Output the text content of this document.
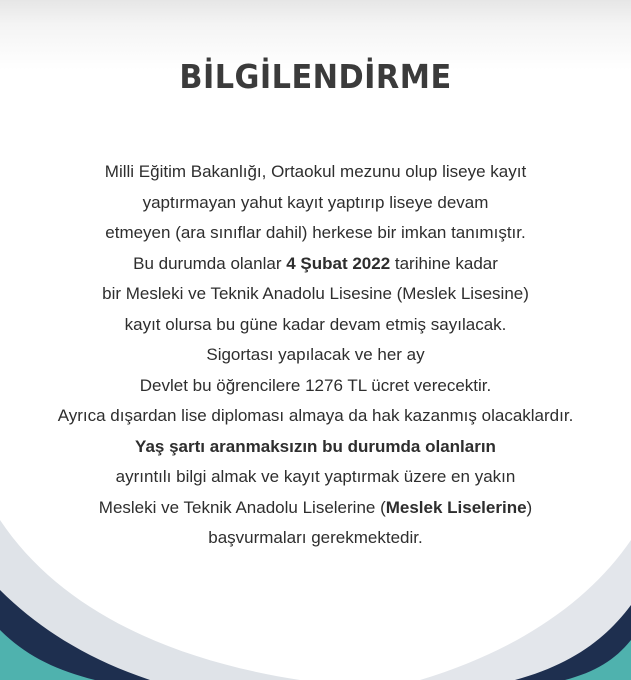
BİLGİLENDİRME
Milli Eğitim Bakanlığı, Ortaokul mezunu olup liseye kayıt
yaptırmayan yahut kayıt yaptırıp liseye devam
etmeyen (ara sınıflar dahil) herkese bir imkan tanımıştır.
Bu durumda olanlar 4 Şubat 2022 tarihine kadar
bir Mesleki ve Teknik Anadolu Lisesine (Meslek Lisesine)
kayıt olursa bu güne kadar devam etmiş sayılacak.
Sigortası yapılacak ve her ay
Devlet bu öğrencilere 1276 TL ücret verecektir.
Ayrıca dışardan lise diploması almaya da hak kazanmış olacaklardır.
Yaş şartı aranmaksızın bu durumda olanların
ayrıntılı bilgi almak ve kayıt yaptırmak üzere en yakın
Mesleki ve Teknik Anadolu Liselerine (Meslek Liselerine)
başvurmaları gerekmektedir.
